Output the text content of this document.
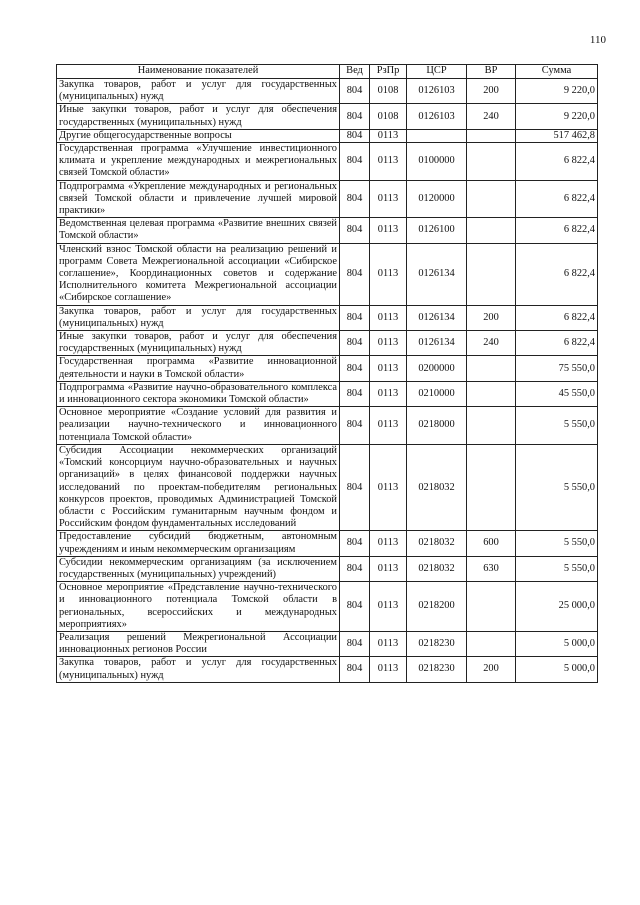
110
Наименование показателей	Вед	РзПр	ЦСР	ВР	Сумма
Закупка товаров, работ и услуг для государственных (муниципальных) нужд	804	0108	0126103	200	9 220,0
Иные закупки товаров, работ и услуг для обеспечения государственных (муниципальных) нужд	804	0108	0126103	240	9 220,0
Другие общегосударственные вопросы	804	0113			517 462,8
Государственная программа «Улучшение инвестиционного климата и укрепление международных и межрегиональных связей Томской области»	804	0113	0100000		6 822,4
Подпрограмма «Укрепление международных и региональных связей Томской области и привлечение лучшей мировой практики»	804	0113	0120000		6 822,4
Ведомственная целевая программа «Развитие внешних связей Томской области»	804	0113	0126100		6 822,4
Членский взнос Томской области на реализацию решений и программ Совета Межрегиональной ассоциации «Сибирское соглашение», Координационных советов и содержание Исполнительного комитета Межрегиональной ассоциации «Сибирское соглашение»	804	0113	0126134		6 822,4
Закупка товаров, работ и услуг для государственных (муниципальных) нужд	804	0113	0126134	200	6 822,4
Иные закупки товаров, работ и услуг для обеспечения государственных (муниципальных) нужд	804	0113	0126134	240	6 822,4
Государственная программа «Развитие инновационной деятельности и науки в Томской области»	804	0113	0200000		75 550,0
Подпрограмма «Развитие научно-образовательного комплекса и инновационного сектора экономики Томской области»	804	0113	0210000		45 550,0
Основное мероприятие «Создание условий для развития и реализации научно-технического и инновационного потенциала Томской области»	804	0113	0218000		5 550,0
Субсидия Ассоциации некоммерческих организаций «Томский консорциум научно-образовательных и научных организаций» в целях финансовой поддержки научных исследований по проектам-победителям региональных конкурсов проектов, проводимых Администрацией Томской области с Российским гуманитарным научным фондом и Российским фондом фундаментальных исследований	804	0113	0218032		5 550,0
Предоставление субсидий бюджетным, автономным учреждениям и иным некоммерческим организациям	804	0113	0218032	600	5 550,0
Субсидии некоммерческим организациям (за исключением государственных (муниципальных) учреждений)	804	0113	0218032	630	5 550,0
Основное мероприятие «Представление научно-технического и инновационного потенциала Томской области в региональных, всероссийских и международных мероприятиях»	804	0113	0218200		25 000,0
Реализация решений Межрегиональной Ассоциации инновационных регионов России	804	0113	0218230		5 000,0
Закупка товаров, работ и услуг для государственных (муниципальных) нужд	804	0113	0218230	200	5 000,0
